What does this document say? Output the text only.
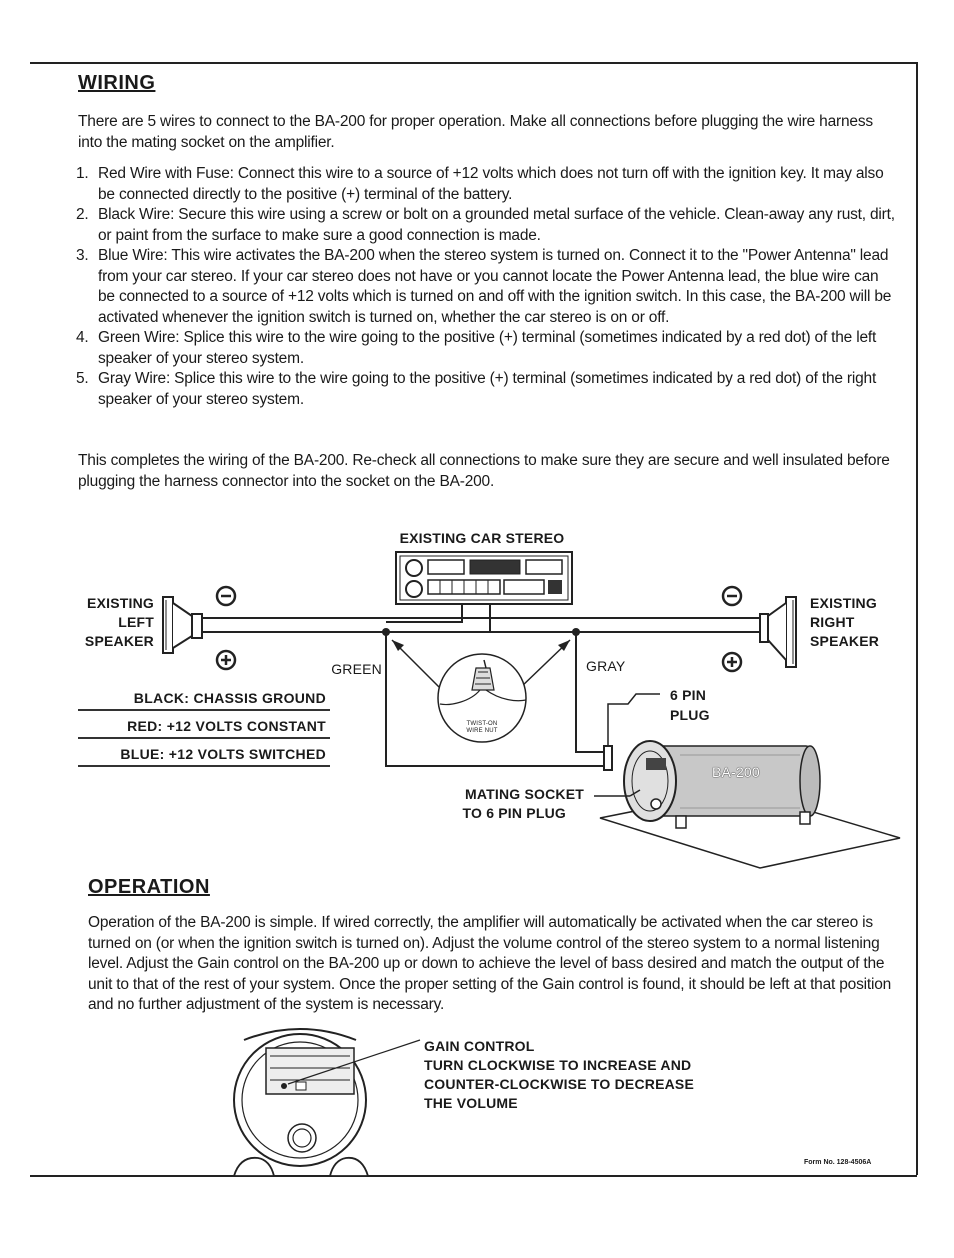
WIRING

There are 5 wires to connect to the BA-200 for proper operation. Make all connections before plugging the wire harness into the mating socket on the amplifier.

1. Red Wire with Fuse: Connect this wire to a source of +12 volts which does not turn off with the ignition key. It may also be connected directly to the positive (+) terminal of the battery.
2. Black Wire: Secure this wire using a screw or bolt on a grounded metal surface of the vehicle. Clean-away any rust, dirt, or paint from the surface to make sure a good connection is made.
3. Blue Wire: This wire activates the BA-200 when the stereo system is turned on. Connect it to the "Power Antenna" lead from your car stereo. If your car stereo does not have or you cannot locate the Power Antenna lead, the blue wire can be connected to a source of +12 volts which is turned on and off with the ignition switch. In this case, the BA-200 will be activated whenever the ignition switch is turned on, whether the car stereo is on or off.
4. Green Wire: Splice this wire to the wire going to the positive (+) terminal (sometimes indicated by a red dot) of the left speaker of your stereo system.
5. Gray Wire: Splice this wire to the wire going to the positive (+) terminal (sometimes indicated by a red dot) of the right speaker of your stereo system.

This completes the wiring of the BA-200. Re-check all connections to make sure they are secure and well insulated before plugging the harness connector into the socket on the BA-200.

EXISTING CAR STEREO
EXISTING
LEFT
SPEAKER
EXISTING
RIGHT
SPEAKER
GREEN	GRAY
TWIST-ON
WIRE NUT
BLACK: CHASSIS GROUND
RED: +12 VOLTS CONSTANT
BLUE: +12 VOLTS SWITCHED
6 PIN
PLUG
MATING SOCKET
TO 6 PIN PLUG
BA-200
OPERATION

Operation of the BA-200 is simple. If wired correctly, the amplifier will automatically be activated when the car stereo is turned on (or when the ignition switch is turned on). Adjust the volume control of the stereo system to a normal listening level. Adjust the Gain control on the BA-200 up or down to achieve the level of bass desired and match the output of the unit to that of the rest of your system. Once the proper setting of the Gain control is found, it should be left at that position and no further adjustment of the system is necessary.

GAIN CONTROL
TURN CLOCKWISE TO INCREASE AND
COUNTER-CLOCKWISE TO DECREASE
THE VOLUME
Form No. 128-4506A
